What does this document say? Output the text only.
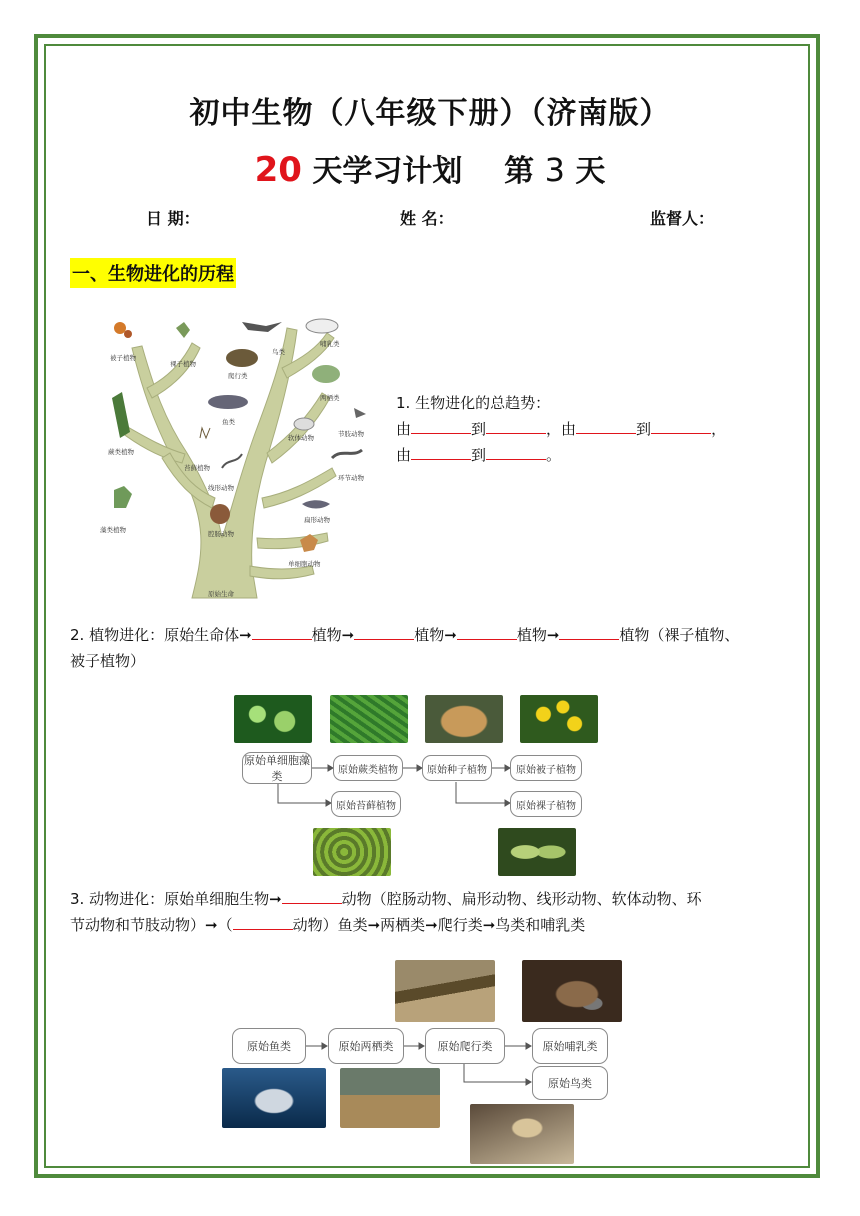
初中生物（八年级下册）（济南版）
20 天学习计划 第 3 天
日 期：	姓 名：	监督人：
一、生物进化的历程
被子植物
裸子植物
鸟类
哺乳类
爬行类
两栖类
鱼类
蕨类植物
苔藓植物
软体动物	节肢动物
环节动物
线形动物
藻类植物	腔肠动物
扁形动物
单细胞动物
原始生命
1. 生物进化的总趋势：
由	到	，由	到	，
由	到	。
2. 植物进化：原始生命体➞	植物➞	植物➞	植物➞	植物（裸子植物、
被子植物）
原始单细胞藻类	原始蕨类植物	原始种子植物	原始被子植物
原始苔藓植物	原始裸子植物
3. 动物进化：原始单细胞生物➞	动物（腔肠动物、扁形动物、线形动物、软体动物、环
节动物和节肢动物）➞（	动物）鱼类➞两栖类➞爬行类➞鸟类和哺乳类
原始鱼类	原始两栖类	原始爬行类	原始哺乳类
原始鸟类
